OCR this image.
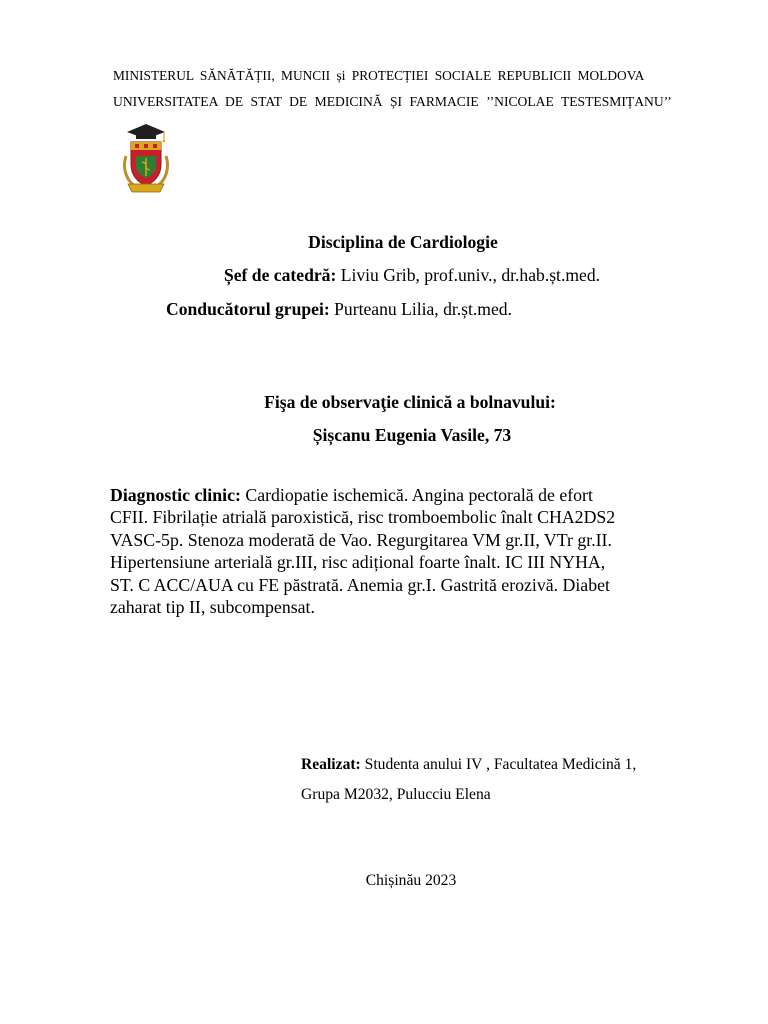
MINISTERUL SĂNĂTĂȚII, MUNCII și PROTECȚIEI SOCIALE REPUBLICII MOLDOVA
UNIVERSITATEA DE STAT DE MEDICINĂ ȘI FARMACIE ’’NICOLAE TESTESMIȚANU’’
Disciplina de Cardiologie
Șef de catedră: Liviu Grib, prof.univ., dr.hab.șt.med.
Conducătorul grupei: Purteanu Lilia, dr.șt.med.
Fişa de observaţie clinică a bolnavului:
Șișcanu Eugenia Vasile, 73
Diagnostic clinic: Cardiopatie ischemică. Angina pectorală de efort
CFII. Fibrilație atrială paroxistică, risc tromboembolic înalt CHA2DS2
VASC-5p. Stenoza moderată de Vao. Regurgitarea VM gr.II, VTr gr.II.
Hipertensiune arterială gr.III, risc adițional foarte înalt. IC III NYHA,
ST. C ACC/AUA cu FE păstrată. Anemia gr.I. Gastrită erozivă. Diabet
zaharat tip II, subcompensat.
Realizat: Studenta anului IV , Facultatea Medicină 1,
Grupa M2032, Pulucciu Elena
Chișinău 2023
